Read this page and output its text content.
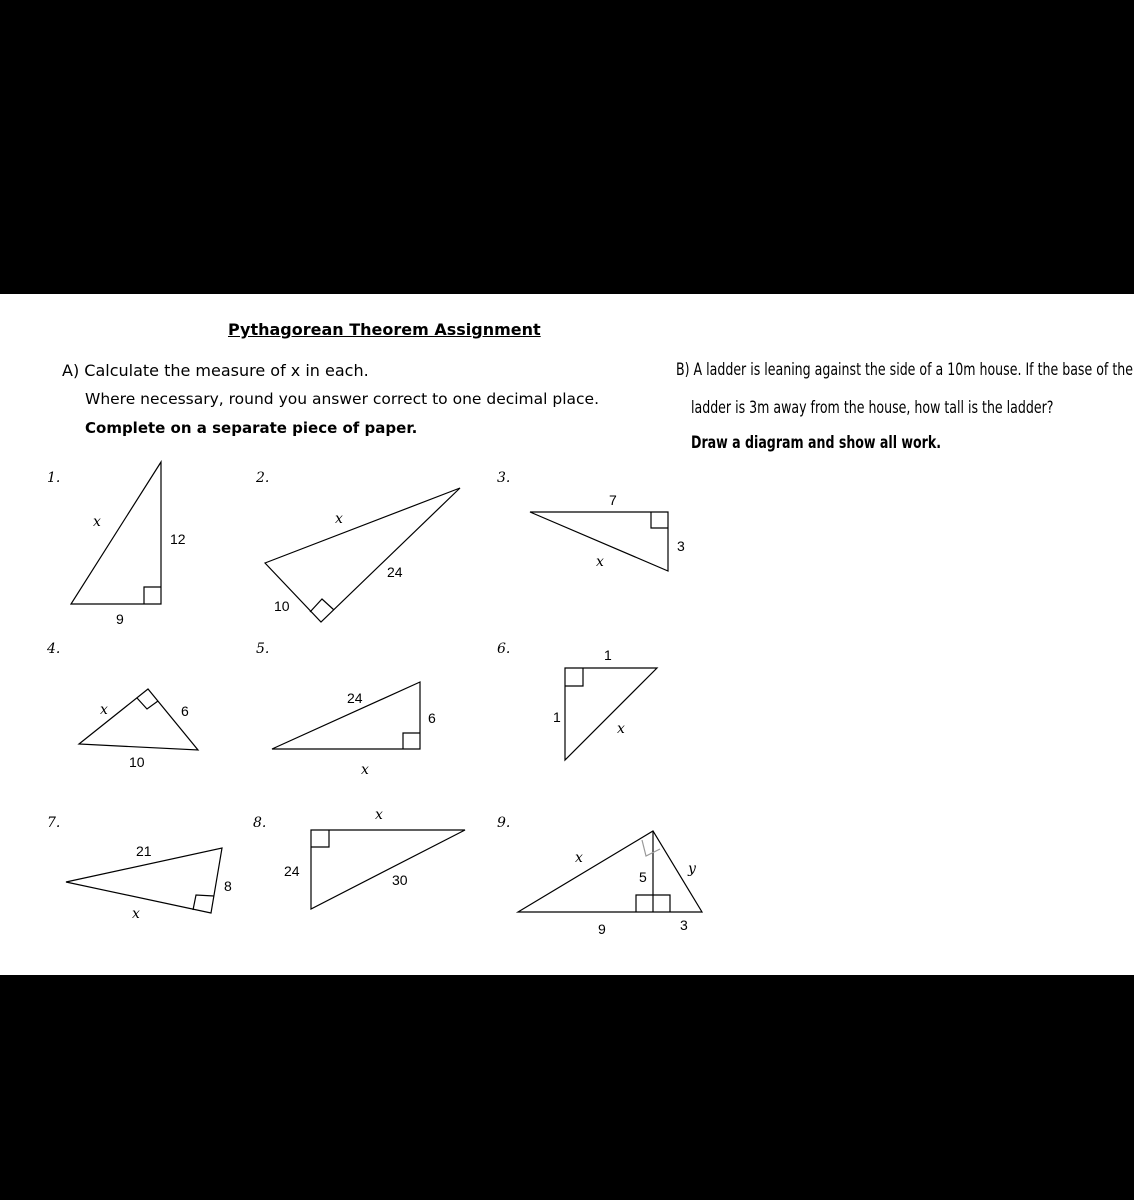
Pythagorean Theorem Assignment
A) Calculate the measure of x in each.
Where necessary, round you answer correct to one decimal place.
Complete on a separate piece of paper.
B) A ladder is leaning against the side of a 10m house. If the base of the
ladder is 3m away from the house, how tall is the ladder?
Draw a diagram and show all work.
1.	2.	3.
4.	5.	6.
7.	8.	9.
x
12
9
x
24
10
7
3
x
x	6
10
24
6
x
1
1
x
21
8
x
x
24
30
x
y
5
9	3
